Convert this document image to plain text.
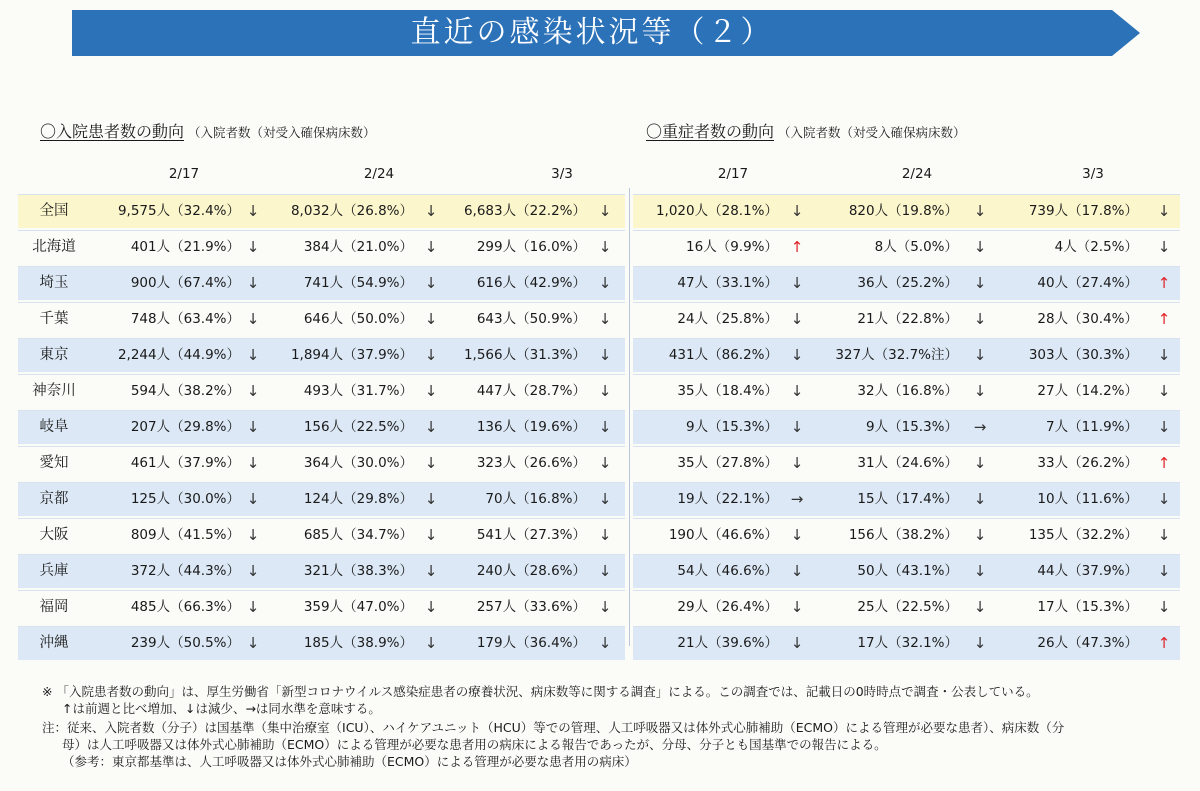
直近の感染状況等（２）
〇入院患者数の動向 （入院者数（対受入確保病床数）	〇重症者数の動向 （入院者数（対受入確保病床数）
2/17	2/24	3/3
全国	9,575人（32.4%） ↓	8,032人（26.8%） ↓	6,683人（22.2%） ↓
北海道	401人（21.9%） ↓	384人（21.0%） ↓	299人（16.0%） ↓
埼玉	900人（67.4%） ↓	741人（54.9%） ↓	616人（42.9%） ↓
千葉	748人（63.4%） ↓	646人（50.0%） ↓	643人（50.9%） ↓
東京	2,244人（44.9%） ↓	1,894人（37.9%） ↓	1,566人（31.3%） ↓
神奈川	594人（38.2%） ↓	493人（31.7%） ↓	447人（28.7%） ↓
岐阜	207人（29.8%） ↓	156人（22.5%） ↓	136人（19.6%） ↓
愛知	461人（37.9%） ↓	364人（30.0%） ↓	323人（26.6%） ↓
京都	125人（30.0%） ↓	124人（29.8%） ↓	70人（16.8%） ↓
大阪	809人（41.5%） ↓	685人（34.7%） ↓	541人（27.3%） ↓
兵庫	372人（44.3%） ↓	321人（38.3%） ↓	240人（28.6%） ↓
福岡	485人（66.3%） ↓	359人（47.0%） ↓	257人（33.6%） ↓
沖縄	239人（50.5%） ↓	185人（38.9%） ↓	179人（36.4%） ↓
2/17	2/24	3/3
1,020人（28.1%） ↓	820人（19.8%） ↓	739人（17.8%） ↓
16人（9.9%） ↑	8人（5.0%） ↓	4人（2.5%） ↓
47人（33.1%） ↓	36人（25.2%） ↓	40人（27.4%） ↑
24人（25.8%） ↓	21人（22.8%） ↓	28人（30.4%） ↑
431人（86.2%） ↓	327人（32.7%注） ↓	303人（30.3%） ↓
35人（18.4%） ↓	32人（16.8%） ↓	27人（14.2%） ↓
9人（15.3%） ↓	9人（15.3%） →	7人（11.9%） ↓
35人（27.8%） ↓	31人（24.6%） ↓	33人（26.2%） ↑
19人（22.1%） →	15人（17.4%） ↓	10人（11.6%） ↓
190人（46.6%） ↓	156人（38.2%） ↓	135人（32.2%） ↓
54人（46.6%） ↓	50人（43.1%） ↓	44人（37.9%） ↓
29人（26.4%） ↓	25人（22.5%） ↓	17人（15.3%） ↓
21人（39.6%） ↓	17人（32.1%） ↓	26人（47.3%） ↑
※ 「入院患者数の動向」は、厚生労働省「新型コロナウイルス感染症患者の療養状況、病床数等に関する調査」による。この調査では、記載日の0時時点で調査・公表している。
↑は前週と比べ増加、↓は減少、→は同水準を意味する。
注：従来、入院者数（分子）は国基準（集中治療室（ICU）、ハイケアユニット（HCU）等での管理、人工呼吸器又は体外式心肺補助（ECMO）による管理が必要な患者）、病床数（分
母）は人工呼吸器又は体外式心肺補助（ECMO）による管理が必要な患者用の病床による報告であったが、分母、分子とも国基準での報告による。
（参考：東京都基準は、人工呼吸器又は体外式心肺補助（ECMO）による管理が必要な患者用の病床）
